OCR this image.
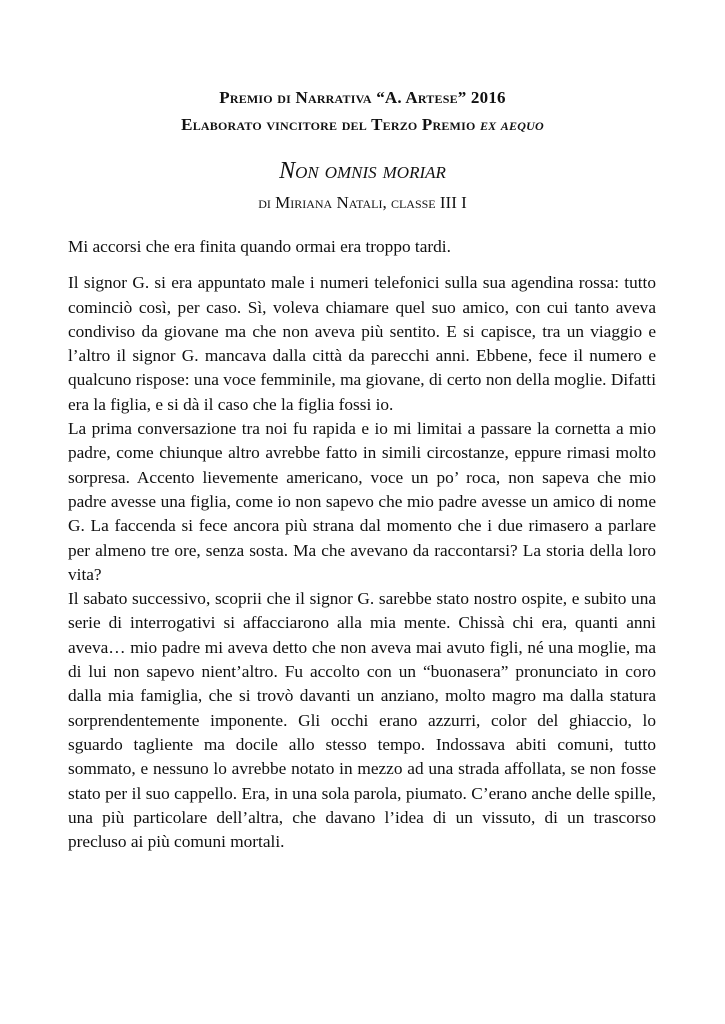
Premio di Narrativa “A. Artese” 2016
Elaborato vincitore del Terzo Premio ex aequo
Non omnis moriar
di Miriana Natali, classe III I

Mi accorsi che era finita quando ormai era troppo tardi.

Il signor G. si era appuntato male i numeri telefonici sulla sua agendina rossa: tutto cominciò così, per caso. Sì, voleva chiamare quel suo amico, con cui tanto aveva condiviso da giovane ma che non aveva più sentito. E si capisce, tra un viaggio e l’altro il signor G. mancava dalla città da parecchi anni. Ebbene, fece il numero e qualcuno rispose: una voce femminile, ma giovane, di certo non della moglie. Difatti era la figlia, e si dà il caso che la figlia fossi io.

La prima conversazione tra noi fu rapida e io mi limitai a passare la cornetta a mio padre, come chiunque altro avrebbe fatto in simili circostanze, eppure rimasi molto sorpresa. Accento lievemente americano, voce un po’ roca, non sapeva che mio padre avesse una figlia, come io non sapevo che mio padre avesse un amico di nome G. La faccenda si fece ancora più strana dal momento che i due rimasero a parlare per almeno tre ore, senza sosta. Ma che avevano da raccontarsi? La storia della loro vita?

Il sabato successivo, scoprii che il signor G. sarebbe stato nostro ospite, e subito una serie di interrogativi si affacciarono alla mia mente. Chissà chi era, quanti anni aveva… mio padre mi aveva detto che non aveva mai avuto figli, né una moglie, ma di lui non sapevo nient’altro. Fu accolto con un “buonasera” pronunciato in coro dalla mia famiglia, che si trovò davanti un anziano, molto magro ma dalla statura sorprendentemente imponente. Gli occhi erano azzurri, color del ghiaccio, lo sguardo tagliente ma docile allo stesso tempo. Indossava abiti comuni, tutto sommato, e nessuno lo avrebbe notato in mezzo ad una strada affollata, se non fosse stato per il suo cappello. Era, in una sola parola, piumato. C’erano anche delle spille, una più particolare dell’altra, che davano l’idea di un vissuto, di un trascorso precluso ai più comuni mortali.
